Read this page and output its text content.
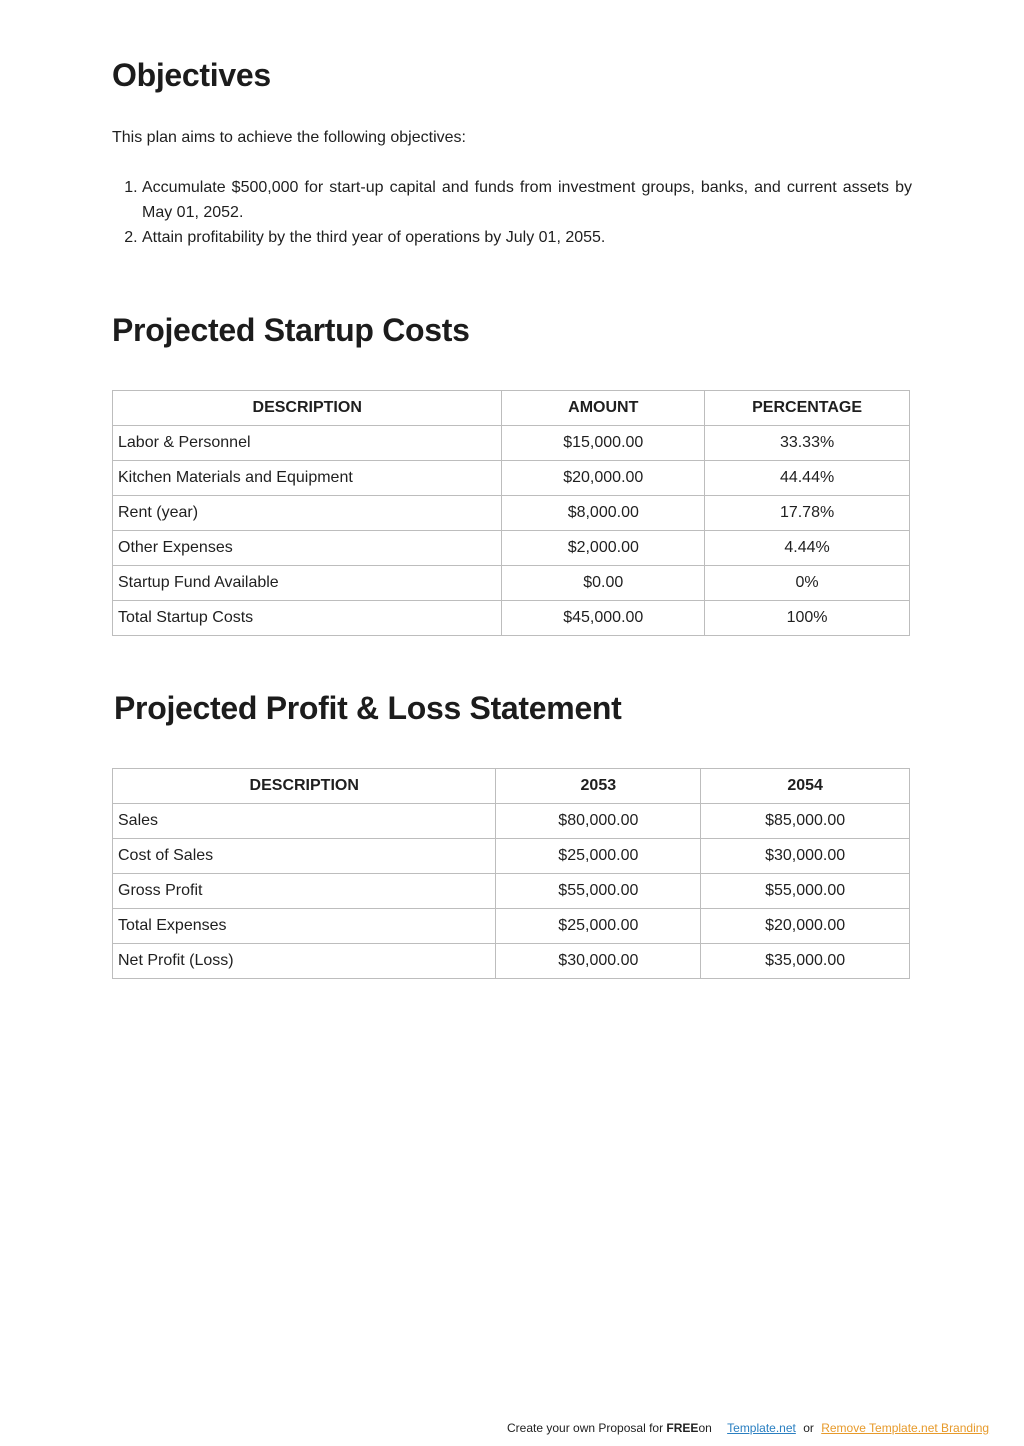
Objectives

This plan aims to achieve the following objectives:

1. Accumulate $500,000 for start-up capital and funds from investment groups, banks, and current assets by May 01, 2052.
2. Attain profitability by the third year of operations by July 01, 2055.
Projected Startup Costs
DESCRIPTION	AMOUNT	PERCENTAGE
Labor & Personnel	$15,000.00	33.33%
Kitchen Materials and Equipment	$20,000.00	44.44%
Rent (year)	$8,000.00	17.78%
Other Expenses	$2,000.00	4.44%
Startup Fund Available	$0.00	0%
Total Startup Costs	$45,000.00	100%
Projected Profit & Loss Statement
DESCRIPTION	2053	2054
Sales	$80,000.00	$85,000.00
Cost of Sales	$25,000.00	$30,000.00
Gross Profit	$55,000.00	$55,000.00
Total Expenses	$25,000.00	$20,000.00
Net Profit (Loss)	$30,000.00	$35,000.00
Create your own Proposal for FREEon Template.net or Remove Template.net Branding
